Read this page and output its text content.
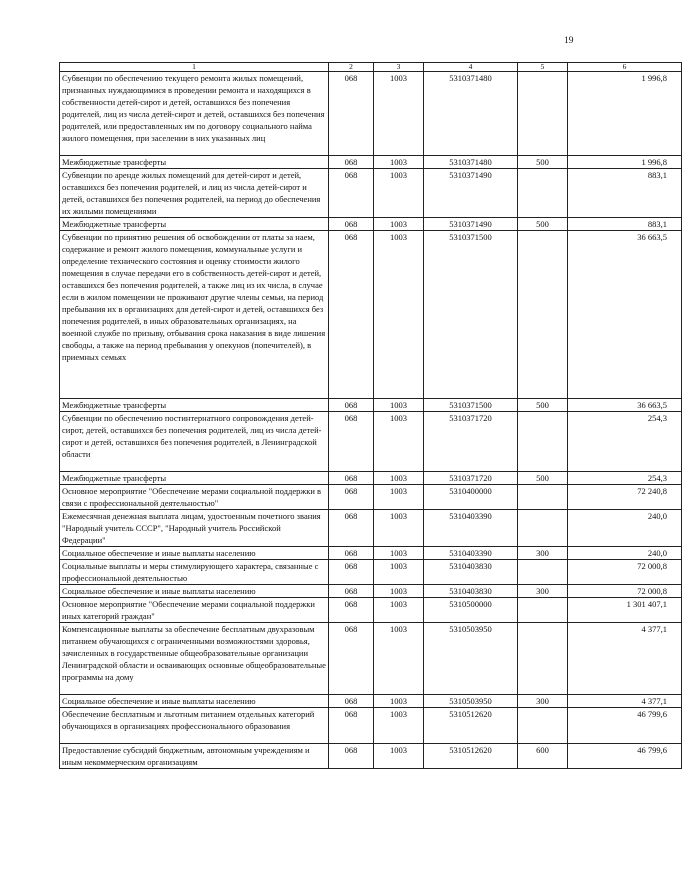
19
1	2	3	4	5	6
Субвенции по обеспечению текущего ремонта жилых помещений, признанных нуждающимися в проведении ремонта и находящихся в собственности детей-сирот и детей, оставшихся без попечения родителей, лиц из числа детей-сирот и детей, оставшихся без попечения родителей, или предоставленных им по договору социального найма жилого помещения, при заселении в них указанных лиц	068	1003	5310371480		1 996,8
Межбюджетные трансферты	068	1003	5310371480	500	1 996,8
Субвенции по аренде жилых помещений для детей-сирот и детей, оставшихся без попечения родителей, и лиц из числа детей-сирот и детей, оставшихся без попечения родителей, на период до обеспечения их жилыми помещениями	068	1003	5310371490		883,1
Межбюджетные трансферты	068	1003	5310371490	500	883,1
Субвенции по принятию решения об освобождении от платы за наем, содержание и ремонт жилого помещения, коммунальные услуги и определение технического состояния и оценку стоимости жилого помещения в случае передачи его в собственность детей-сирот и детей, оставшихся без попечения родителей, а также лиц из их числа, в случае если в жилом помещении не проживают другие члены семьи, на период пребывания их в организациях для детей-сирот и детей, оставшихся без попечения родителей, в иных образовательных организациях, на военной службе по призыву, отбывания срока наказания в виде лишения свободы, а также на период пребывания у опекунов (попечителей), в приемных семьях	068	1003	5310371500		36 663,5
Межбюджетные трансферты	068	1003	5310371500	500	36 663,5
Субвенции по обеспечению постинтернатного сопровождения детей-сирот, детей, оставшихся без попечения родителей, лиц из числа детей-сирот и детей, оставшихся без попечения родителей, в Ленинградской области	068	1003	5310371720		254,3
Межбюджетные трансферты	068	1003	5310371720	500	254,3
Основное мероприятие "Обеспечение мерами социальной поддержки в связи с профессиональной деятельностью"	068	1003	5310400000		72 240,8
Ежемесячная денежная выплата лицам, удостоенным почетного звания "Народный учитель СССР", "Народный учитель Российской Федерации"	068	1003	5310403390		240,0
Социальное обеспечение и иные выплаты населению	068	1003	5310403390	300	240,0
Социальные выплаты и меры стимулирующего характера, связанные с профессиональной деятельностью	068	1003	5310403830		72 000,8
Социальное обеспечение и иные выплаты населению	068	1003	5310403830	300	72 000,8
Основное мероприятие "Обеспечение мерами социальной поддержки иных категорий граждан"	068	1003	5310500000		1 301 407,1
Компенсационные выплаты за обеспечение бесплатным двухразовым питанием обучающихся с ограниченными возможностями здоровья, зачисленных в государственные общеобразовательные организации Ленинградской области и осваивающих основные общеобразовательные программы на дому	068	1003	5310503950		4 377,1
Социальное обеспечение и иные выплаты населению	068	1003	5310503950	300	4 377,1
Обеспечение бесплатным и льготным питанием отдельных категорий обучающихся в организациях профессионального образования	068	1003	5310512620		46 799,6
Предоставление субсидий бюджетным, автономным учреждениям и иным некоммерческим организациям	068	1003	5310512620	600	46 799,6
